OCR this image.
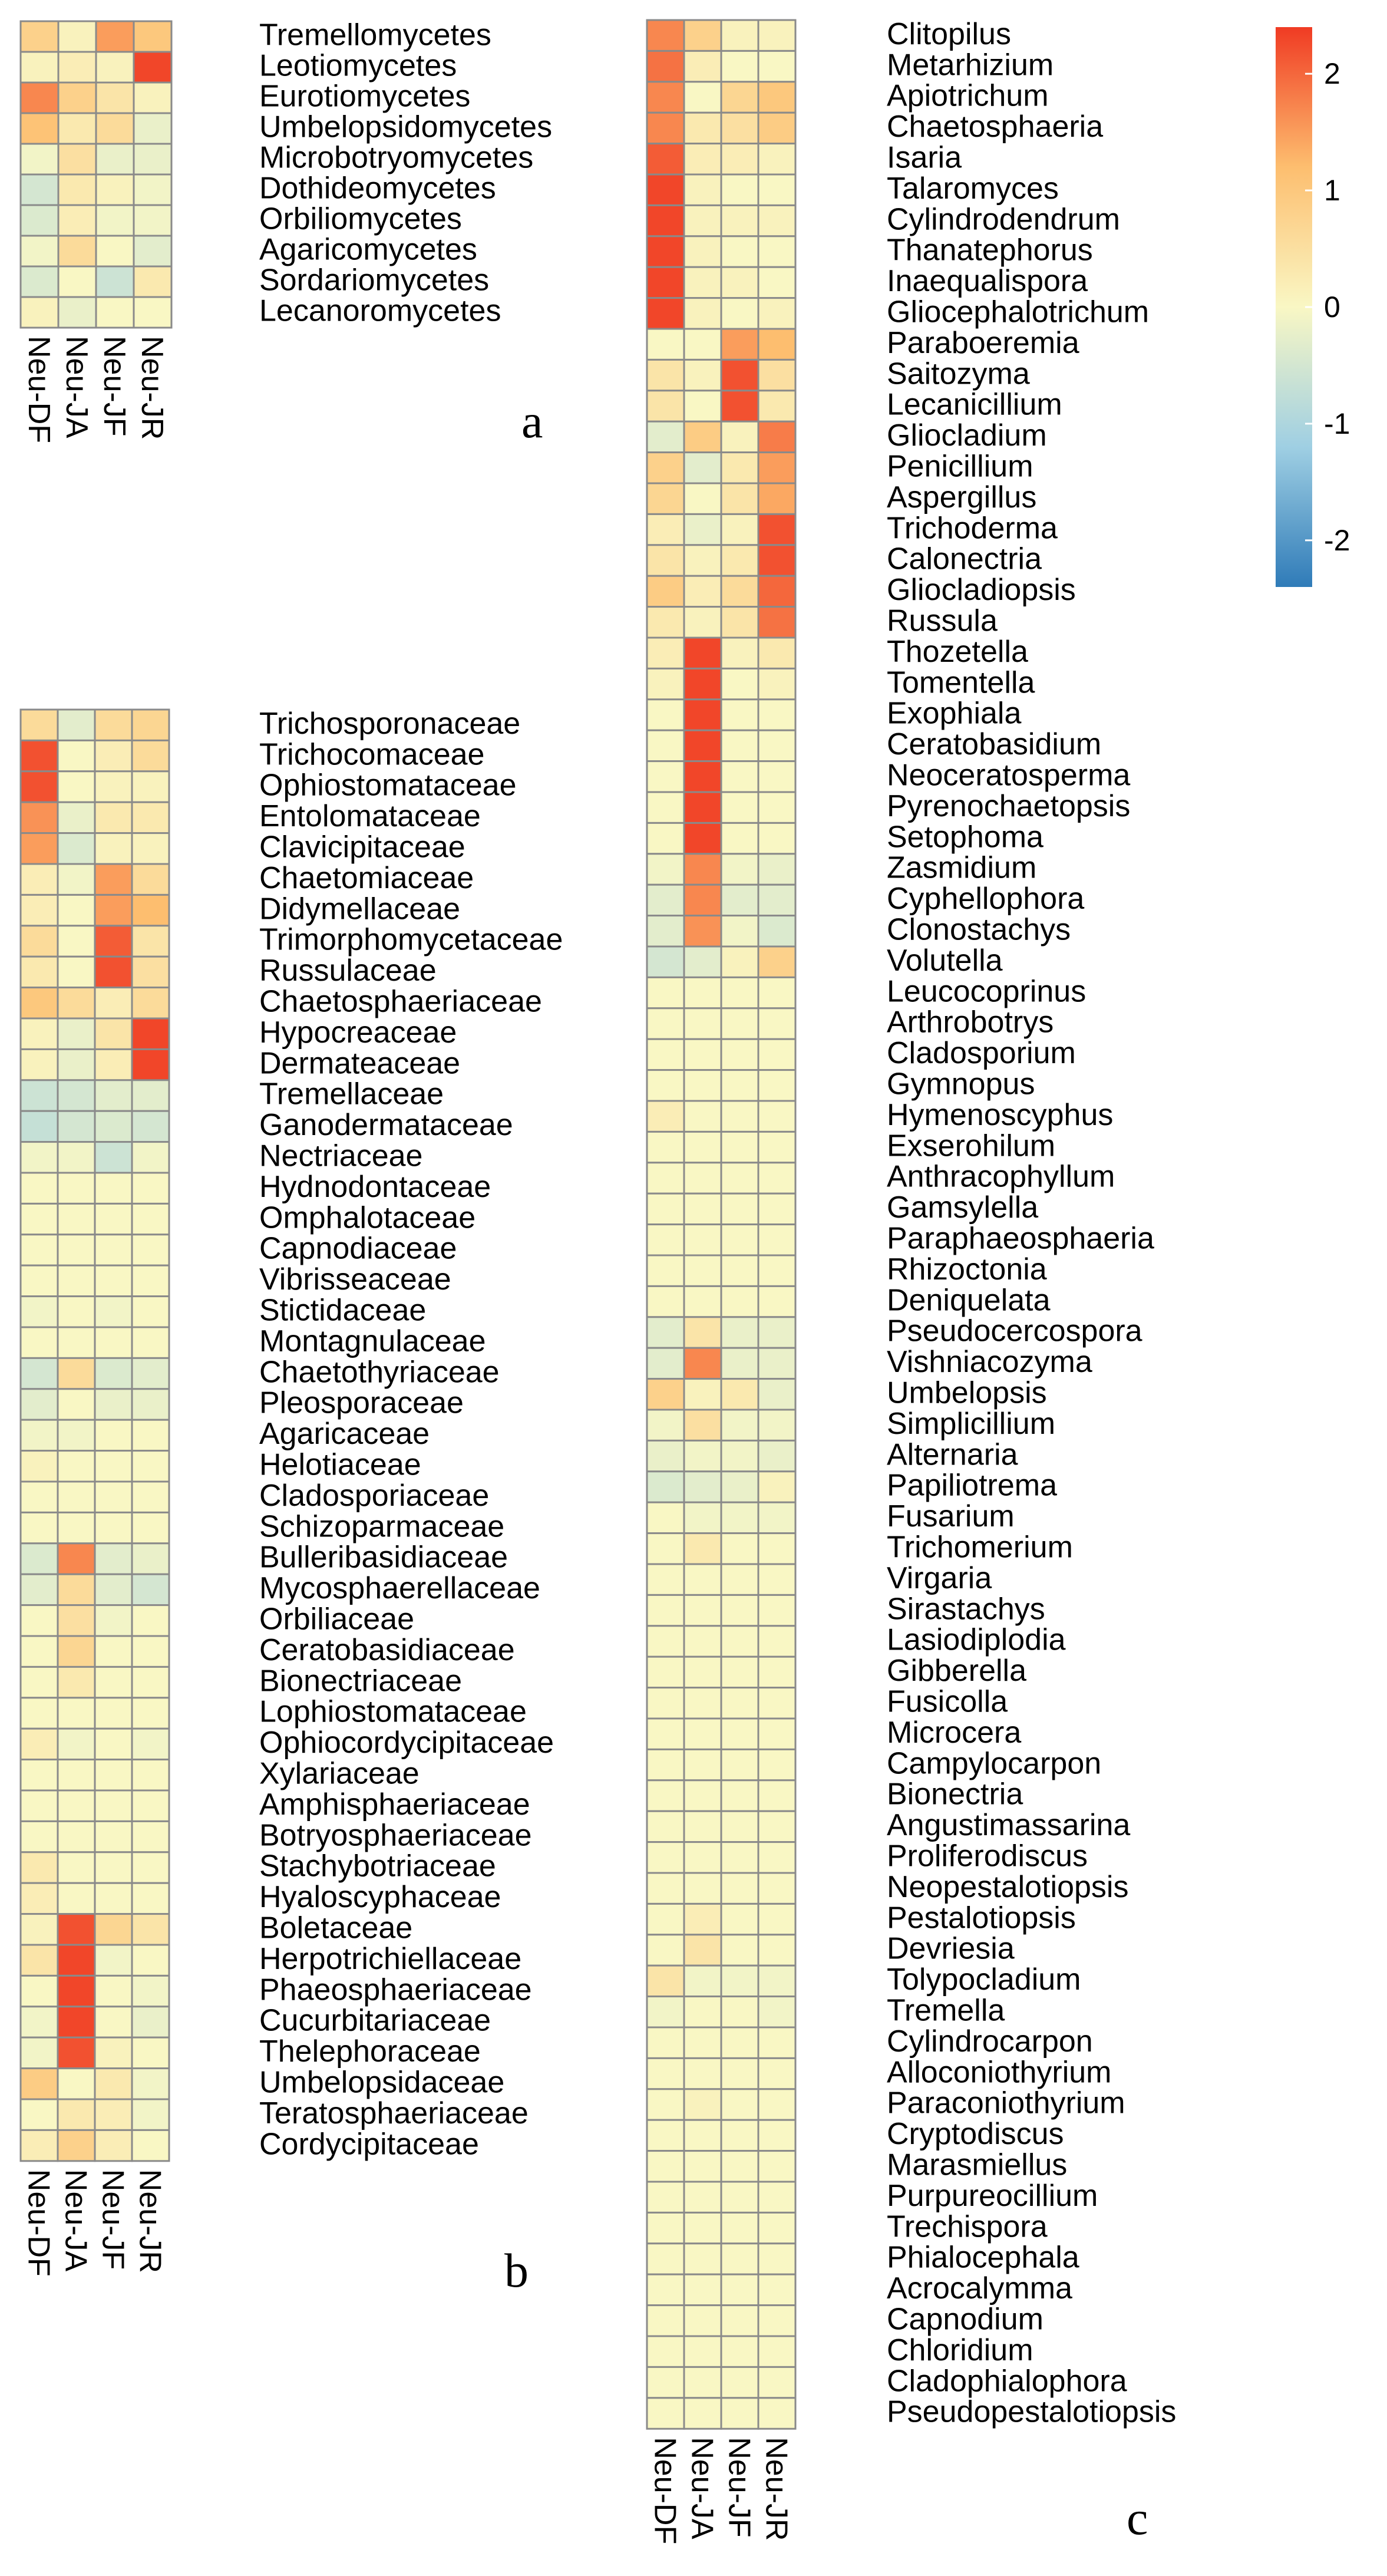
Tremellomycetes
Leotiomycetes
Eurotiomycetes
Umbelopsidomycetes
Microbotryomycetes
Dothideomycetes
Orbiliomycetes
Agaricomycetes
Sordariomycetes
Lecanoromycetes
Neu-DF Neu-JA Neu-JF Neu-JR	a
Trichosporonaceae
Trichocomaceae
Ophiostomataceae
Entolomataceae
Clavicipitaceae
Chaetomiaceae
Didymellaceae
Trimorphomycetaceae
Russulaceae
Chaetosphaeriaceae
Hypocreaceae
Dermateaceae
Tremellaceae
Ganodermataceae
Nectriaceae
Hydnodontaceae
Omphalotaceae
Capnodiaceae
Vibrisseaceae
Stictidaceae
Montagnulaceae
Chaetothyriaceae
Pleosporaceae
Agaricaceae
Helotiaceae
Cladosporiaceae
Schizoparmaceae
Bulleribasidiaceae
Mycosphaerellaceae
Orbiliaceae
Ceratobasidiaceae
Bionectriaceae
Lophiostomataceae
Ophiocordycipitaceae
Xylariaceae
Amphisphaeriaceae
Botryosphaeriaceae
Stachybotriaceae
Hyaloscyphaceae
Boletaceae
Herpotrichiellaceae
Phaeosphaeriaceae
Cucurbitariaceae
Thelephoraceae
Umbelopsidaceae
Teratosphaeriaceae
Cordycipitaceae
Neu-DF Neu-JA Neu-JF Neu-JR	b
Clitopilus
Metarhizium
Apiotrichum
Chaetosphaeria
Isaria
Talaromyces
Cylindrodendrum
Thanatephorus
Inaequalispora
Gliocephalotrichum
Paraboeremia
Saitozyma
Lecanicillium
Gliocladium
Penicillium
Aspergillus
Trichoderma
Calonectria
Gliocladiopsis
Russula
Thozetella
Tomentella
Exophiala
Ceratobasidium
Neoceratosperma
Pyrenochaetopsis
Setophoma
Zasmidium
Cyphellophora
Clonostachys
Volutella
Leucocoprinus
Arthrobotrys
Cladosporium
Gymnopus
Hymenoscyphus
Exserohilum
Anthracophyllum
Gamsylella
Paraphaeosphaeria
Rhizoctonia
Deniquelata
Pseudocercospora
Vishniacozyma
Umbelopsis
Simplicillium
Alternaria
Papiliotrema
Fusarium
Trichomerium
Virgaria
Sirastachys
Lasiodiplodia
Gibberella
Fusicolla
Microcera
Campylocarpon
Bionectria
Angustimassarina
Proliferodiscus
Neopestalotiopsis
Pestalotiopsis
Devriesia
Tolypocladium
Tremella
Cylindrocarpon
Alloconiothyrium
Paraconiothyrium
Cryptodiscus
Marasmiellus
Purpureocillium
Trechispora
Phialocephala
Acrocalymma
Capnodium
Chloridium
Cladophialophora
Pseudopestalotiopsis
Neu-DF Neu-JA Neu-JF Neu-JR	c
2
1
0
-1
-2
